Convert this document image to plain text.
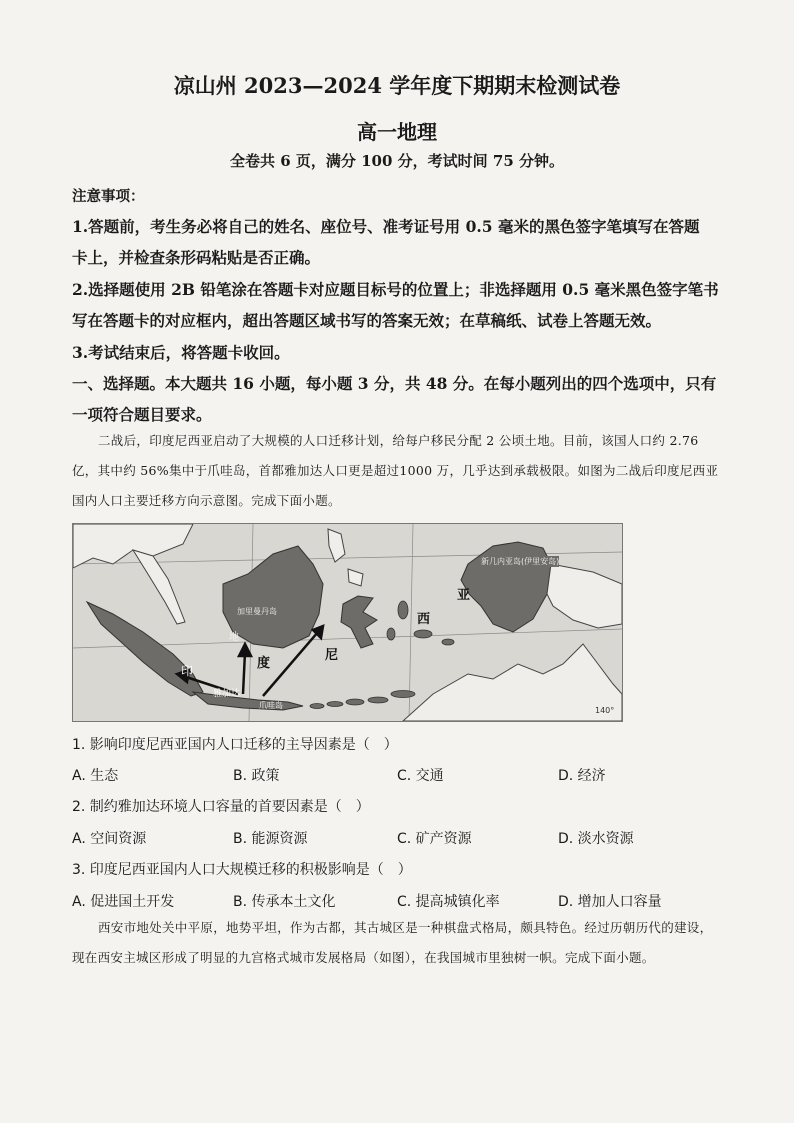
凉山州 2023—2024 学年度下期期末检测试卷
高一地理
全卷共 6 页，满分 100 分，考试时间 75 分钟。
注意事项：
1.答题前，考生务必将自己的姓名、座位号、准考证号用 0.5 毫米的黑色签字笔填写在答题
卡上，并检查条形码粘贴是否正确。
2.选择题使用 2B 铅笔涂在答题卡对应题目标号的位置上；非选择题用 0.5 毫米黑色签字笔书
写在答题卡的对应框内，超出答题区域书写的答案无效；在草稿纸、试卷上答题无效。
3.考试结束后，将答题卡收回。
一、选择题。本大题共 16 小题，每小题 3 分，共 48 分。在每小题列出的四个选项中，只有
一项符合题目要求。
二战后，印度尼西亚启动了大规模的人口迁移计划，给每户移民分配 2 公顷土地。目前，该国人口约 2.76亿，其中约 56%集中于爪哇岛，首都雅加达人口更是超过1000 万，几乎达到承载极限。如图为二战后印度尼西亚国内人口主要迁移方向示意图。完成下面小题。
新几内亚岛(伊里安岛)
加里曼丹岛
地
印	度
尼
西
亚
雅加达
爪哇岛
140°
1. 影响印度尼西亚国内人口迁移的主导因素是（　）
A. 生态	B. 政策	C. 交通	D. 经济
2. 制约雅加达环境人口容量的首要因素是（　）
A. 空间资源	B. 能源资源	C. 矿产资源	D. 淡水资源
3. 印度尼西亚国内人口大规模迁移的积极影响是（　）
A. 促进国土开发	B. 传承本土文化	C. 提高城镇化率	D. 增加人口容量
西安市地处关中平原，地势平坦，作为古都，其古城区是一种棋盘式格局，颇具特色。经过历朝历代的建设，现在西安主城区形成了明显的九宫格式城市发展格局（如图），在我国城市里独树一帜。完成下面小题。
